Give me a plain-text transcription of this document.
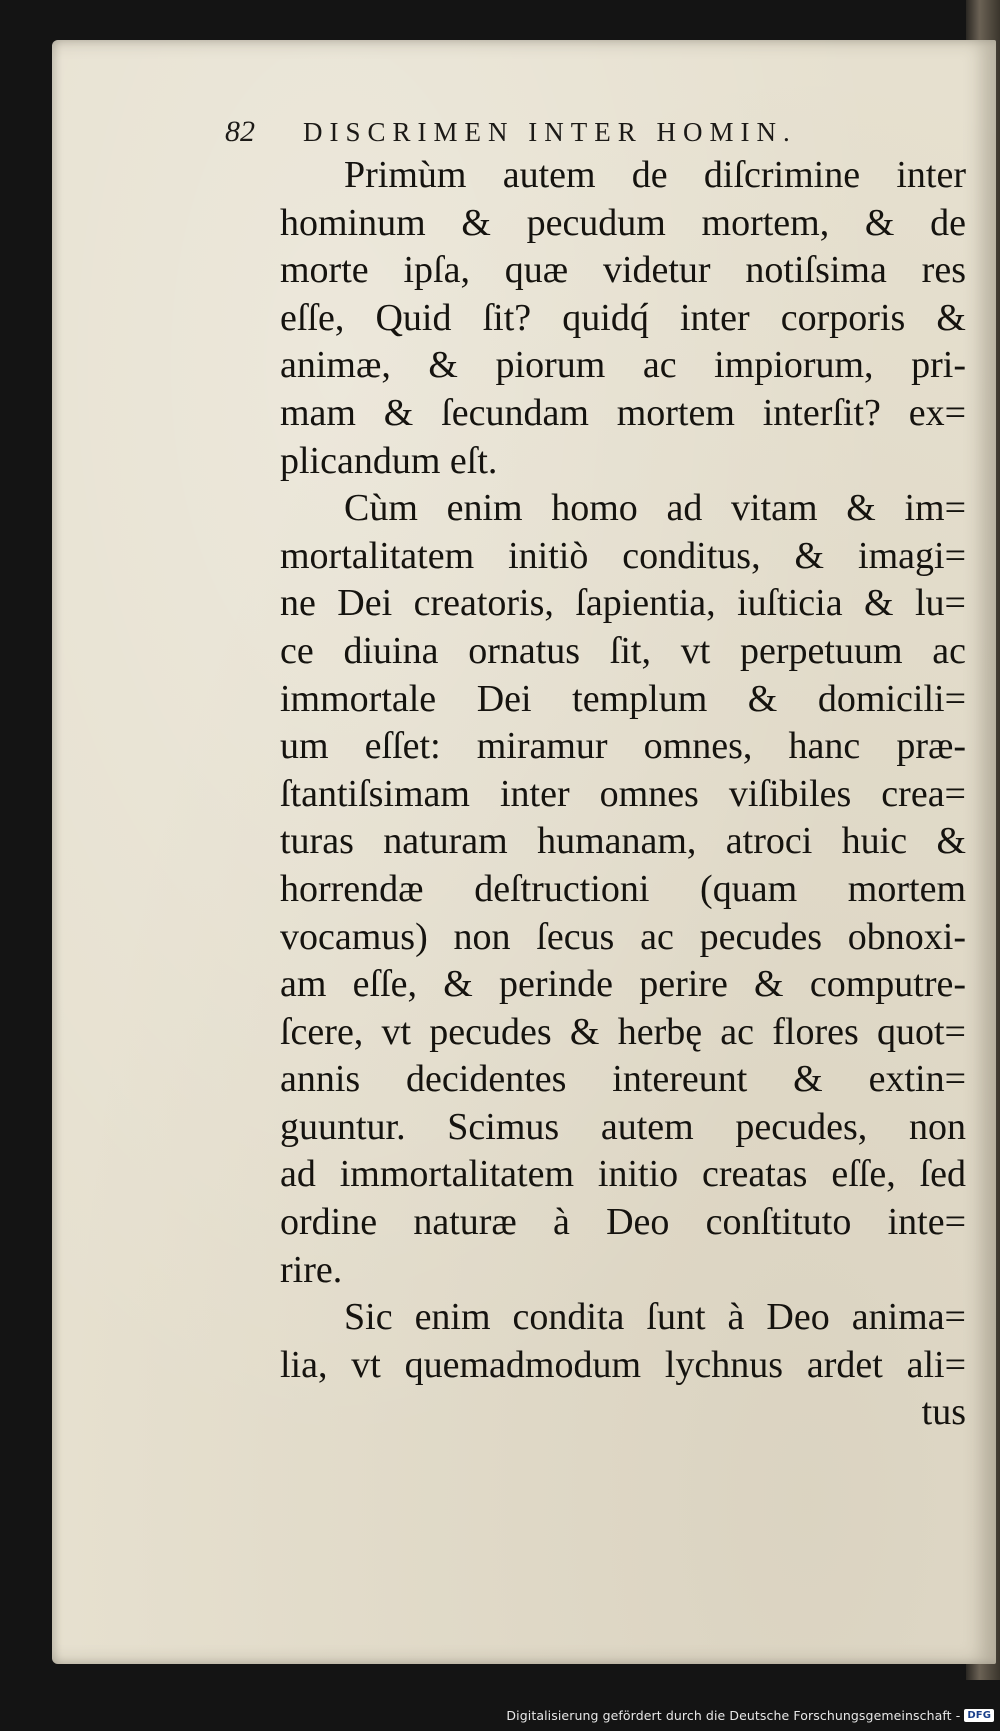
82	DISCRIMEN INTER HOMIN.
Primùm autem de diſcrimine inter
hominum & pecudum mortem, & de
morte ipſa, quæ videtur notiſsima res
eſſe, Quid ſit? quidq́ inter corporis &
animæ, & piorum ac impiorum, pri-
mam & ſecundam mortem interſit? ex=
plicandum eſt.
Cùm enim homo ad vitam & im=
mortalitatem initiò conditus, & imagi=
ne Dei creatoris, ſapientia, iuſticia & lu=
ce diuina ornatus ſit, vt perpetuum ac
immortale Dei templum & domicili=
um eſſet: miramur omnes, hanc præ-
ſtantiſsimam inter omnes viſibiles crea=
turas naturam humanam, atroci huic &
horrendæ deſtructioni (quam mortem
vocamus) non ſecus ac pecudes obnoxi-
am eſſe, & perinde perire & computre-
ſcere, vt pecudes & herbę ac flores quot=
annis decidentes intereunt & extin=
guuntur. Scimus autem pecudes, non
ad immortalitatem initio creatas eſſe, ſed
ordine naturæ à Deo conſtituto inte=
rire.
Sic enim condita ſunt à Deo anima=
lia, vt quemadmodum lychnus ardet ali=
tus
Digitalisierung gefördert durch die Deutsche Forschungsgemeinschaft - DFG
